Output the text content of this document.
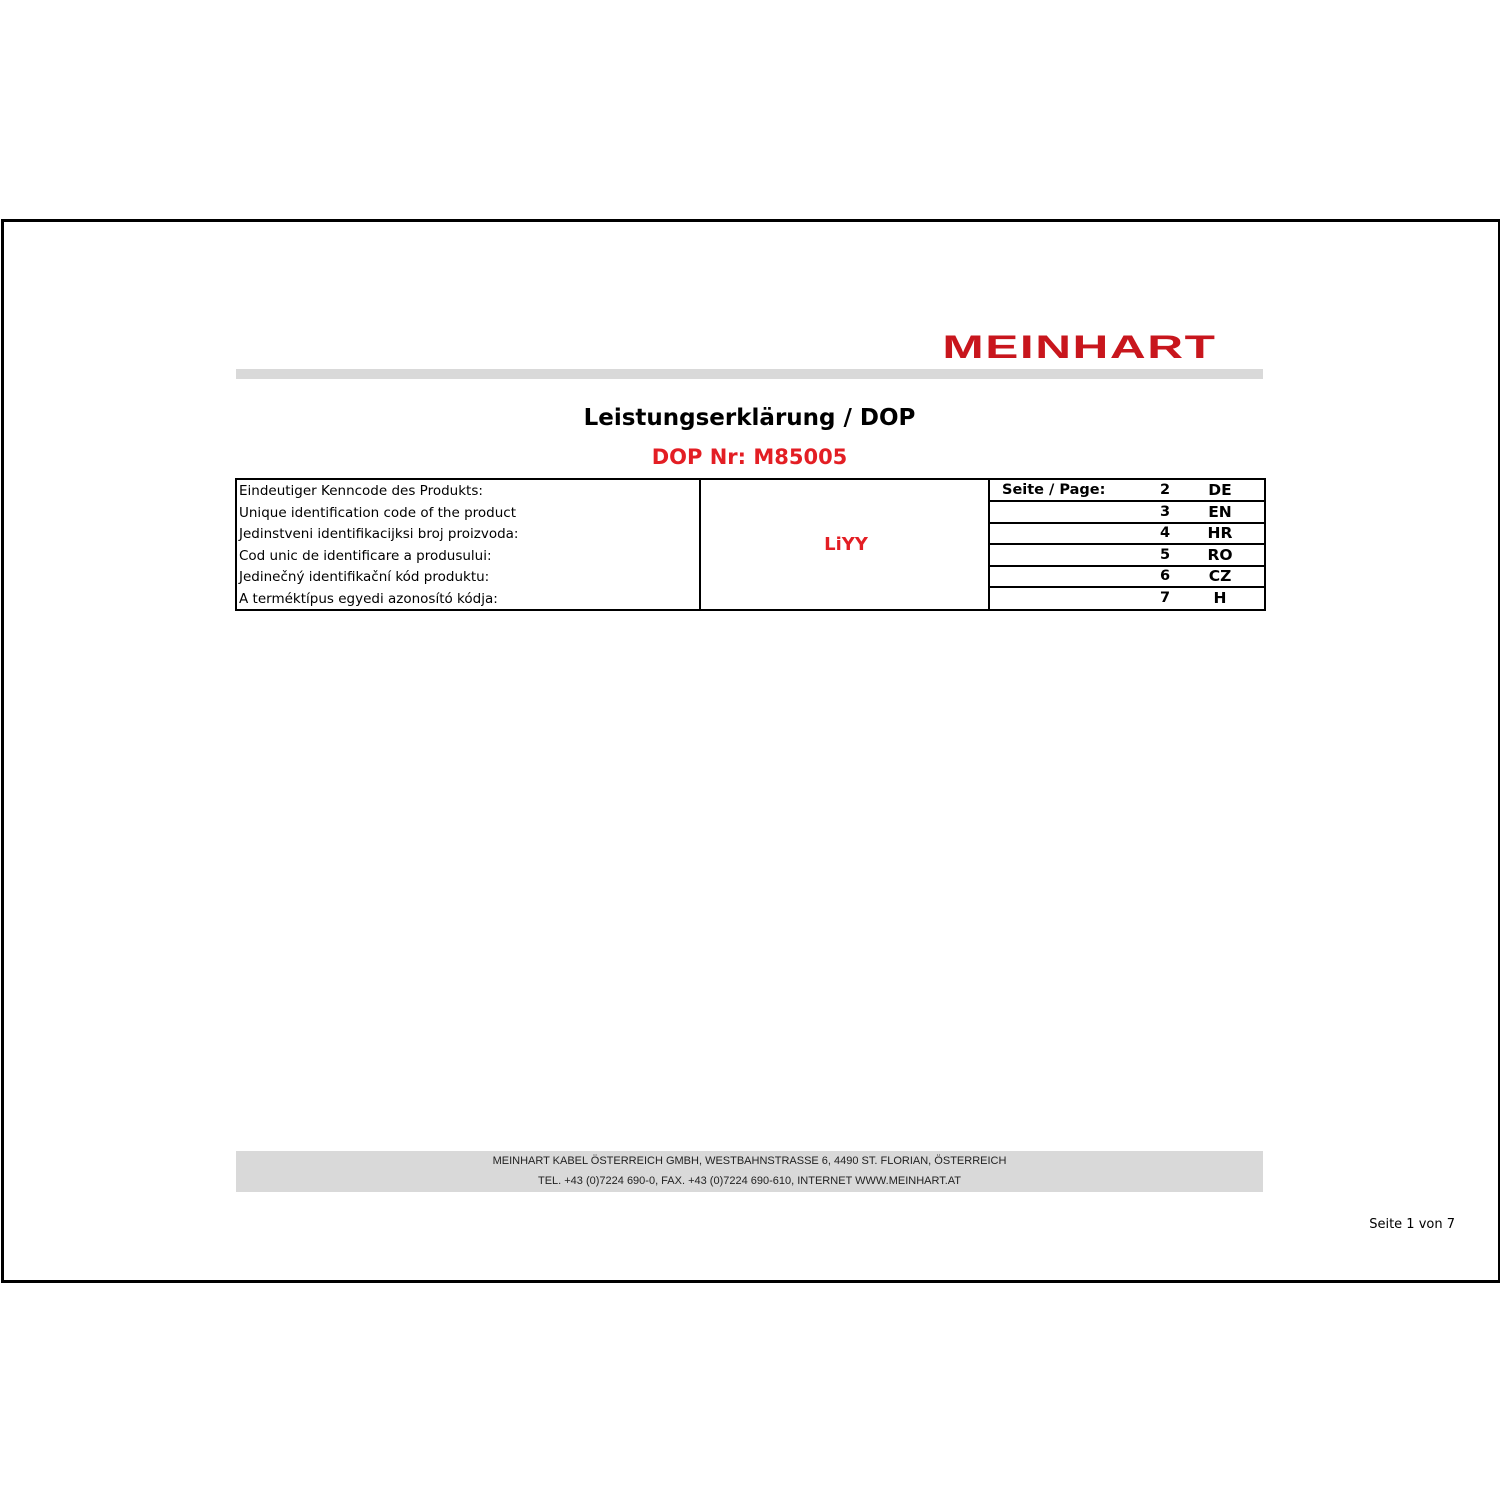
MEINHART
Leistungserklärung / DOP
DOP Nr: M85005
Eindeutiger Kenncode des Produkts:
Unique identification code of the product
Jedinstveni identifikacijksi broj proizvoda:
Cod unic de identificare a produsului:
Jedinečný identifikační kód produktu:
A terméktípus egyedi azonosító kódja:
LiYY
Seite / Page:	2	DE
3	EN
4	HR
5	RO
6	CZ
7	H
MEINHART KABEL ÖSTERREICH GMBH, WESTBAHNSTRASSE 6, 4490 ST. FLORIAN, ÖSTERREICH
TEL. +43 (0)7224 690-0, FAX. +43 (0)7224 690-610, INTERNET WWW.MEINHART.AT
Seite 1 von 7
